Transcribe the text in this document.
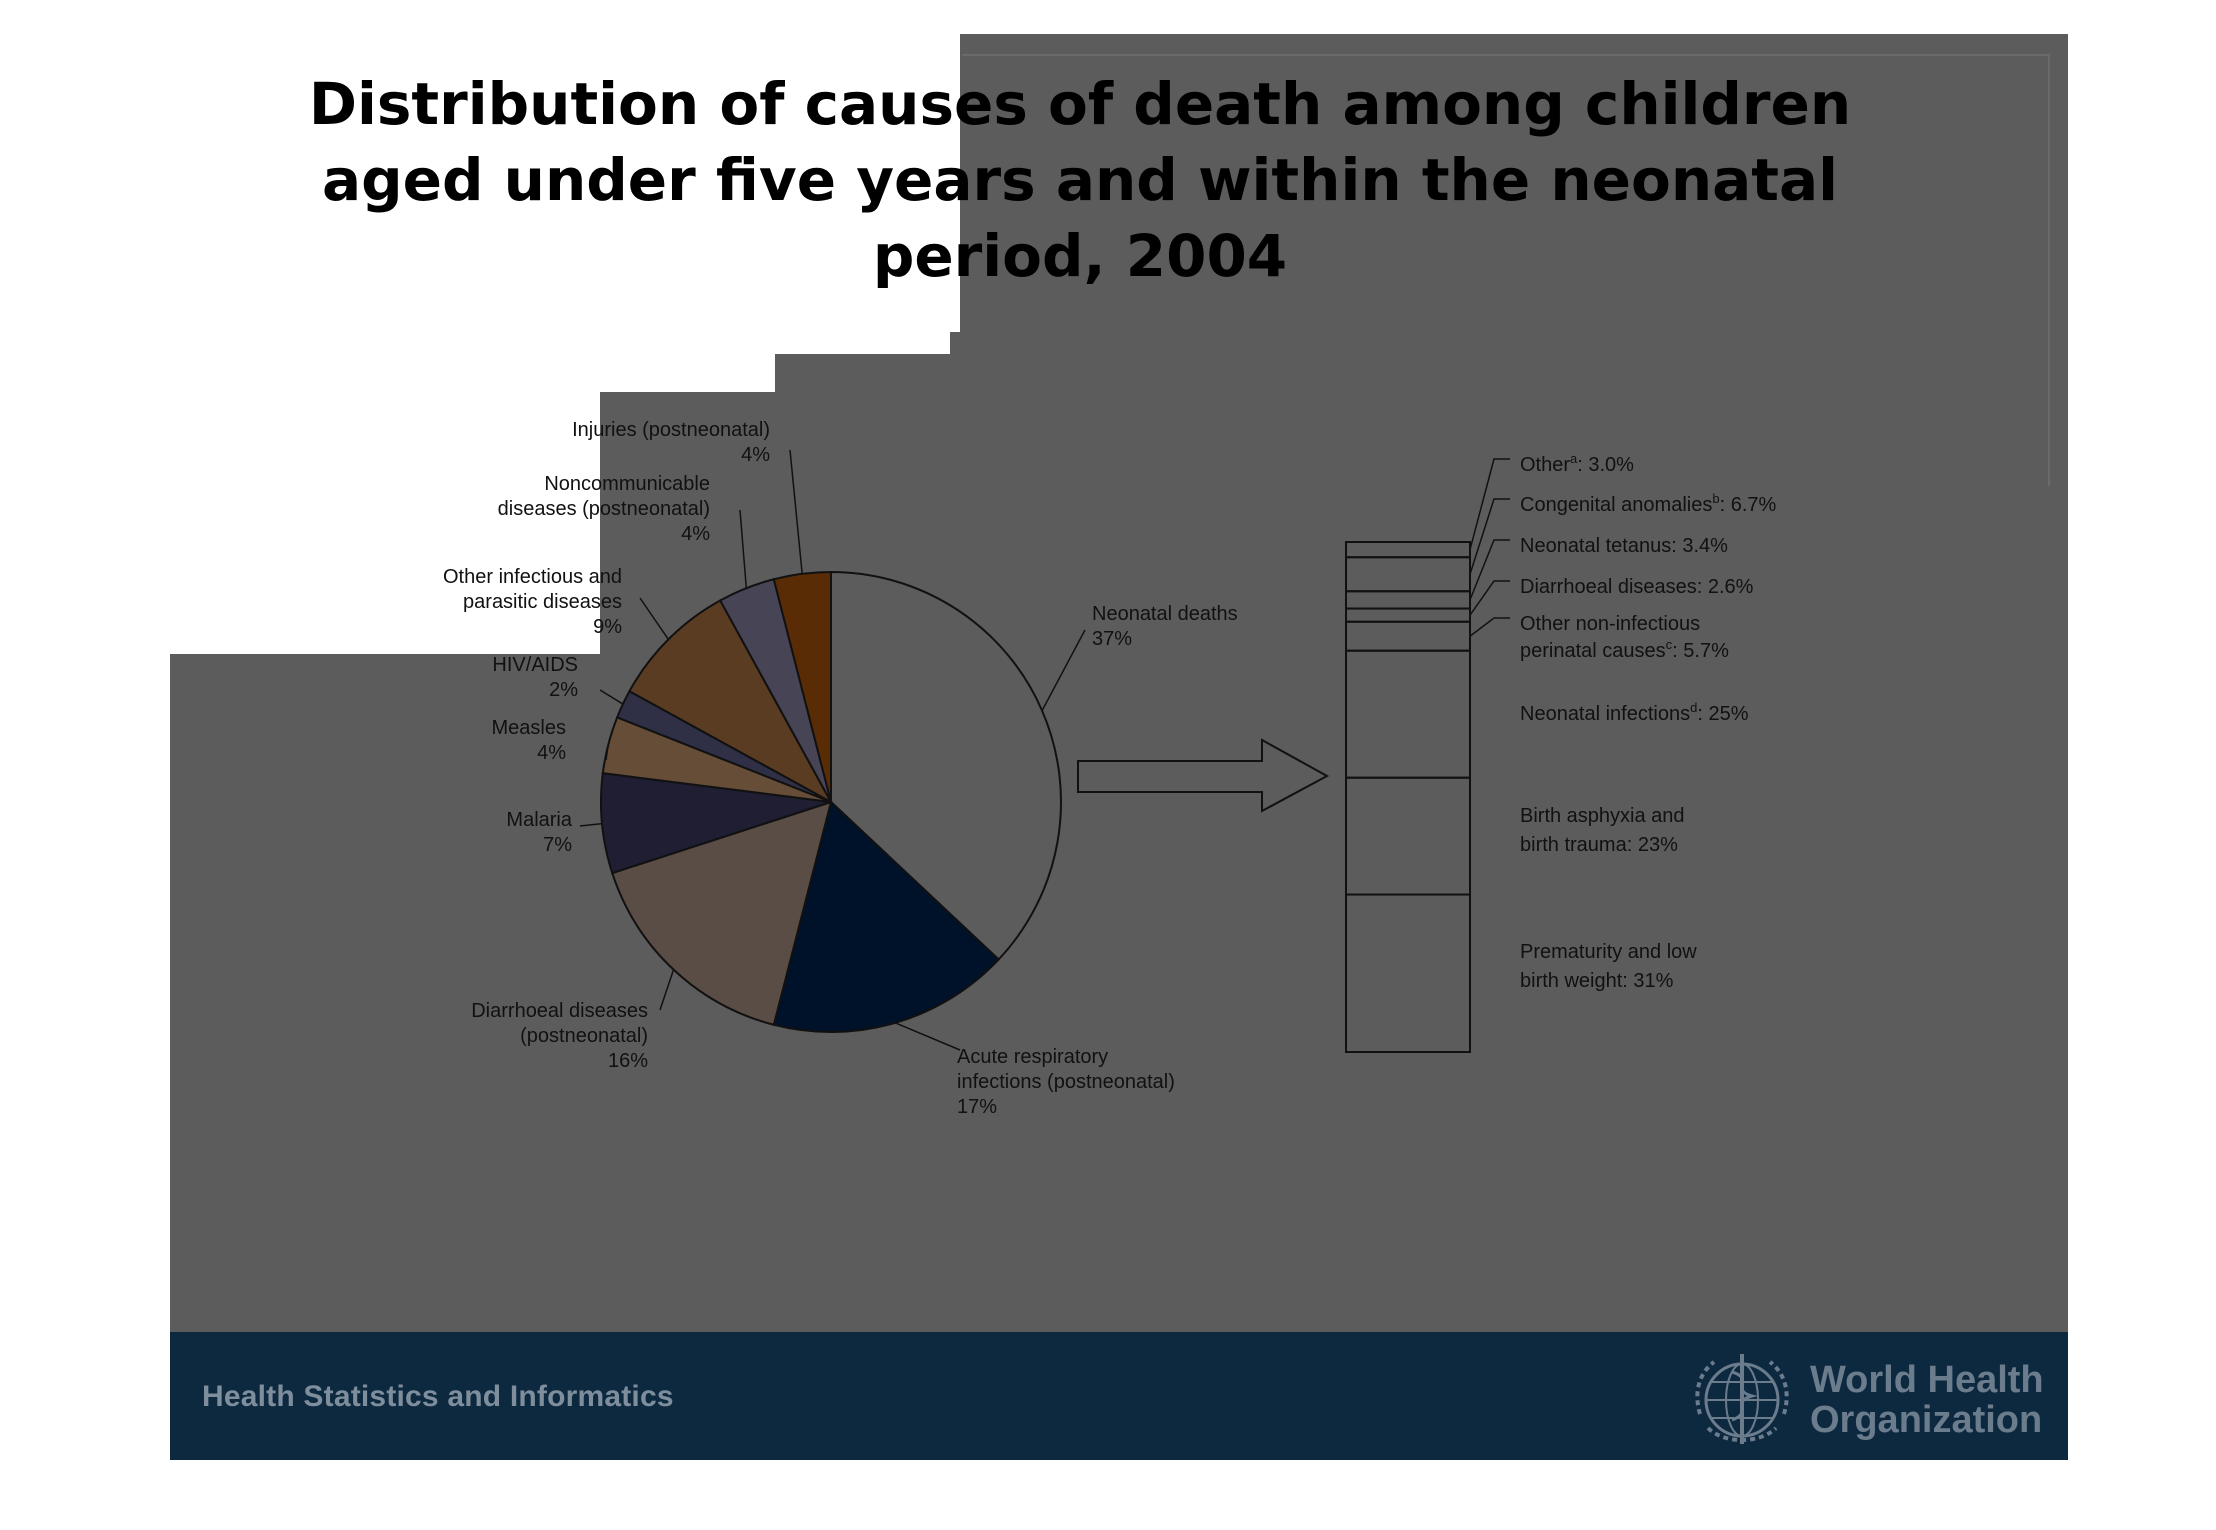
Health Statistics and Informatics	World Health
Organization
Distribution of causes of death among children aged under five years and within the neonatal period, 2004
Neonatal deaths 37%
Acute respiratory infections (postneonatal) 17%
Diarrhoeal diseases (postneonatal) 16%
Malaria 7%
Measles 4%
HIV/AIDS 2%
Other infectious and parasitic diseases 9%
Noncommunicable diseases (postneonatal) 4%
Injuries (postneonatal) 4%
Prematurity and low birth weight: 31%
Birth asphyxia and birth trauma: 23%
Neonatal infections$^d$: 25%
Other non-infectious perinatal causes$^c$: 5.7%
Diarrhoeal diseases: 2.6%
Neonatal tetanus: 3.4%
Congenital anomalies$^b$: 6.7%
Other$^a$: 3.0%
